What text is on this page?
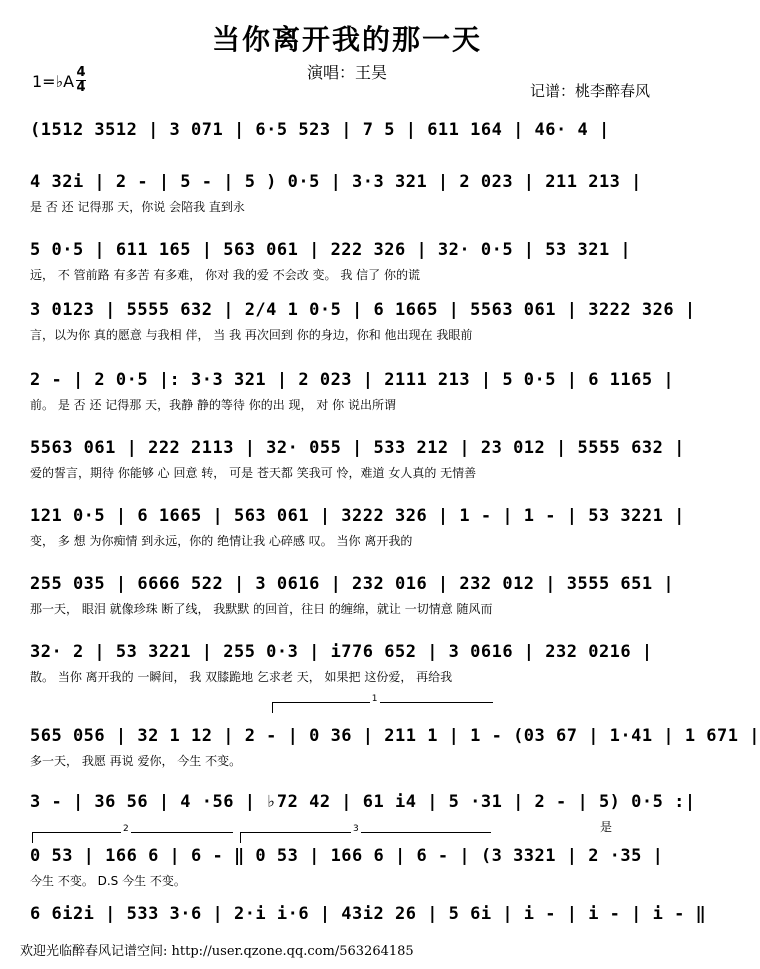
当你离开我的那一天
演唱：王昊
1=♭A 4
4	记谱：桃李醉春风
(1512 3512 | 3 071 | 6·5 523 | 7 5 | 611 164 | 46· 4 |
4 32i | 2 - | 5 - | 5 ) 0·5 | 3·3 321 | 2 023 | 211 213 |
是 否 还 记得那 天，你说 会陪我 直到永
5 0·5 | 611 165 | 563 061 | 222 326 | 32· 0·5 | 53 321 |
远， 不 管前路 有多苦 有多难， 你对 我的爱 不会改 变。 我 信了 你的谎
3 0123 | 5555 632 | 2/4 1 0·5 | 6 1665 | 5563 061 | 3222 326 |
言，以为你 真的愿意 与我相 伴， 当 我 再次回到 你的身边，你和 他出现在 我眼前
2 - | 2 0·5 |: 3·3 321 | 2 023 | 2111 213 | 5 0·5 | 6 1165 |
前。 是 否 还 记得那 天，我静 静的等待 你的出 现， 对 你 说出所谓
5563 061 | 222 2113 | 32· 055 | 533 212 | 23 012 | 5555 632 |
爱的誓言，期待 你能够 心 回意 转， 可是 苍天都 笑我可 怜，难道 女人真的 无情善
121 0·5 | 6 1665 | 563 061 | 3222 326 | 1 - | 1 - | 53 3221 |
变， 多 想 为你痴情 到永远，你的 绝情让我 心碎感 叹。 当你 离开我的
255 035 | 6666 522 | 3 0616 | 232 016 | 232 012 | 3555 651 |
那一天， 眼泪 就像珍珠 断了线， 我默默 的回首，往日 的缠绵，就让 一切情意 随风而
32· 2 | 53 3221 | 255 0·3 | i776 652 | 3 0616 | 232 0216 |
散。 当你 离开我的 一瞬间， 我 双膝跪地 乞求老 天， 如果把 这份爱， 再给我
1
565 056 | 32 1 12 | 2 - | 0 36 | 211 1 | 1 - (03 67 | 1·41 | 1 671 |
多一天， 我愿 再说 爱你， 今生 不变。
3 - | 36 56 | 4 ·56 | ♭72 42 | 61 i4 | 5 ·31 | 2 - | 5) 0·5 :|
是
2	3
0 53 | 166 6 | 6 - ‖ 0 53 | 166 6 | 6 - | (3 3321 | 2 ·35 |
今生 不变。 D.S 今生 不变。
6 6i2i | 533 3·6 | 2·i i·6 | 43i2 26 | 5 6i | i - | i - | i - ‖
欢迎光临醉春风记谱空间: http://user.qzone.qq.com/563264185
